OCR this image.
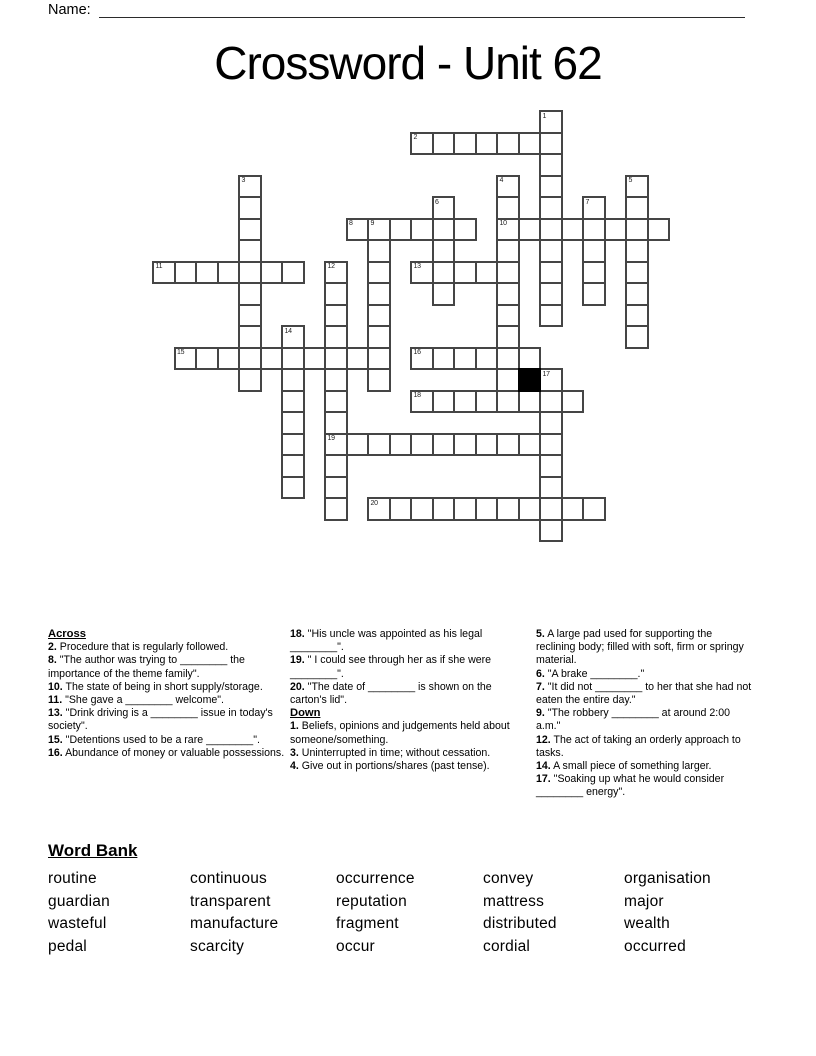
Name:
Crossword - Unit 62
1
2
3	4
10
5
6	7
8	9
11	12
19
13
14
15	16
17
18
20
Across
2. Procedure that is regularly followed.
8. "The author was trying to ________ the importance of the theme family".
10. The state of being in short supply/storage.
11. "She gave a ________ welcome".
13. "Drink driving is a ________ issue in today's society".
15. "Detentions used to be a rare ________".
16. Abundance of money or valuable possessions.
18. "His uncle was appointed as his legal ________".
19. " I could see through her as if she were ________".
20. "The date of ________ is shown on the carton's lid".
Down
1. Beliefs, opinions and judgements held about someone/something.
3. Uninterrupted in time; without cessation.
4. Give out in portions/shares (past tense).
5. A large pad used for supporting the reclining body; filled with soft, firm or springy material.
6. "A brake ________."
7. "It did not ________ to her that she had not eaten the entire day."
9. "The robbery ________ at around 2:00 a.m."
12. The act of taking an orderly approach to tasks.
14. A small piece of something larger.
17. "Soaking up what he would consider ________ energy".
Word Bank
routine	continuous	occurrence	convey	organisation
guardian	transparent	reputation	mattress	major
wasteful	manufacture	fragment	distributed	wealth
pedal	scarcity	occur	cordial	occurred
